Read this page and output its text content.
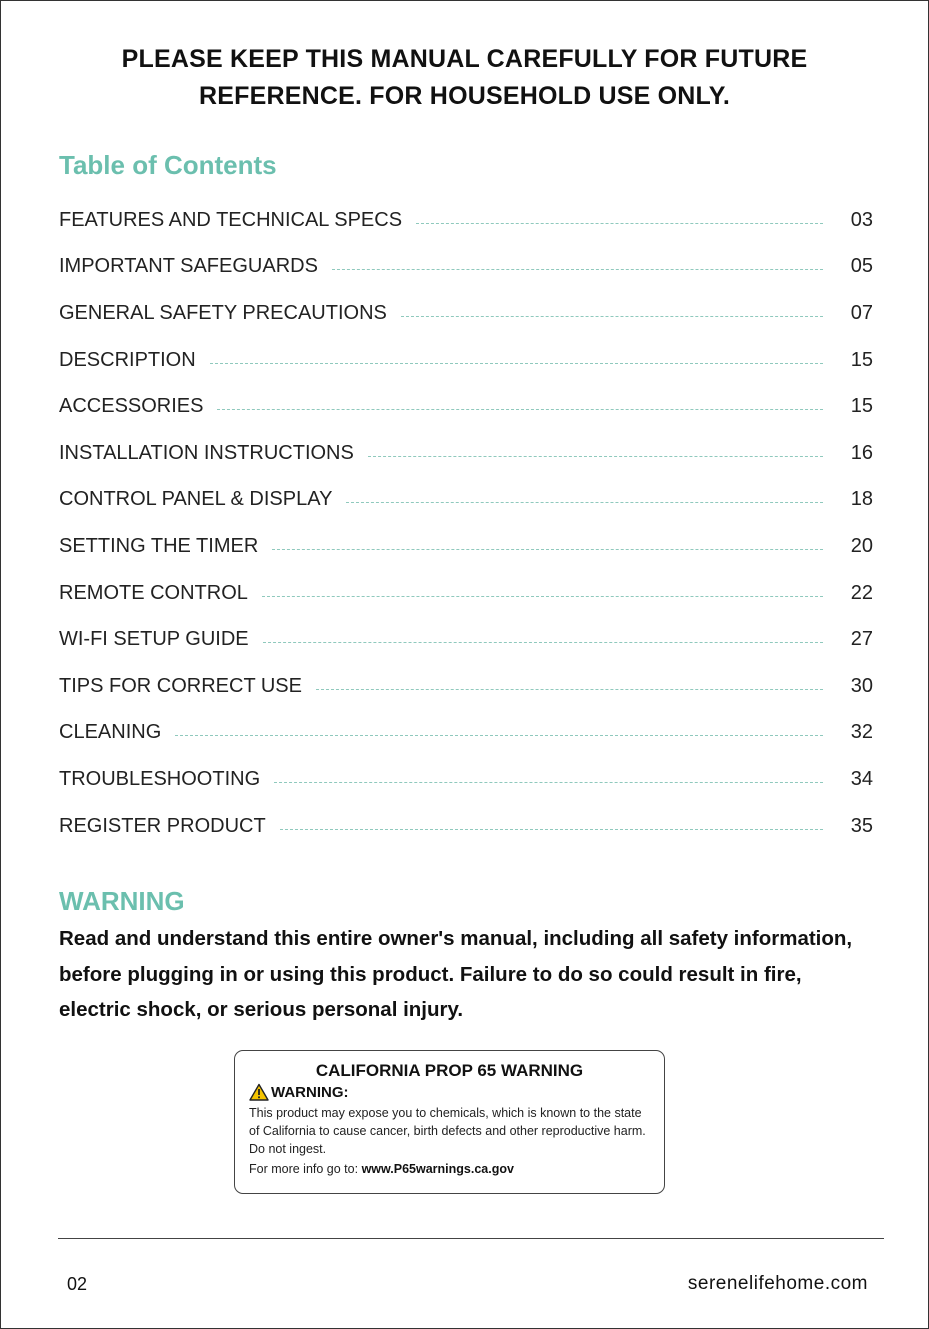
PLEASE KEEP THIS MANUAL CAREFULLY FOR FUTURE
REFERENCE. FOR HOUSEHOLD USE ONLY.
Table of Contents
FEATURES AND TECHNICAL SPECS	03
IMPORTANT SAFEGUARDS	05
GENERAL SAFETY PRECAUTIONS	07
DESCRIPTION	15
ACCESSORIES	15
INSTALLATION INSTRUCTIONS	16
CONTROL PANEL & DISPLAY	18
SETTING THE TIMER	20
REMOTE CONTROL	22
WI-FI SETUP GUIDE	27
TIPS FOR CORRECT USE	30
CLEANING	32
TROUBLESHOOTING	34
REGISTER PRODUCT	35
WARNING
Read and understand this entire owner's manual, including all safety information, before plugging in or using this product. Failure to do so could result in fire, electric shock, or serious personal injury.
CALIFORNIA PROP 65 WARNING
WARNING:
This product may expose you to chemicals, which is known to the state of California to cause cancer, birth defects and other reproductive harm. Do not ingest.
For more info go to: www.P65warnings.ca.gov
02	serenelifehome.com
